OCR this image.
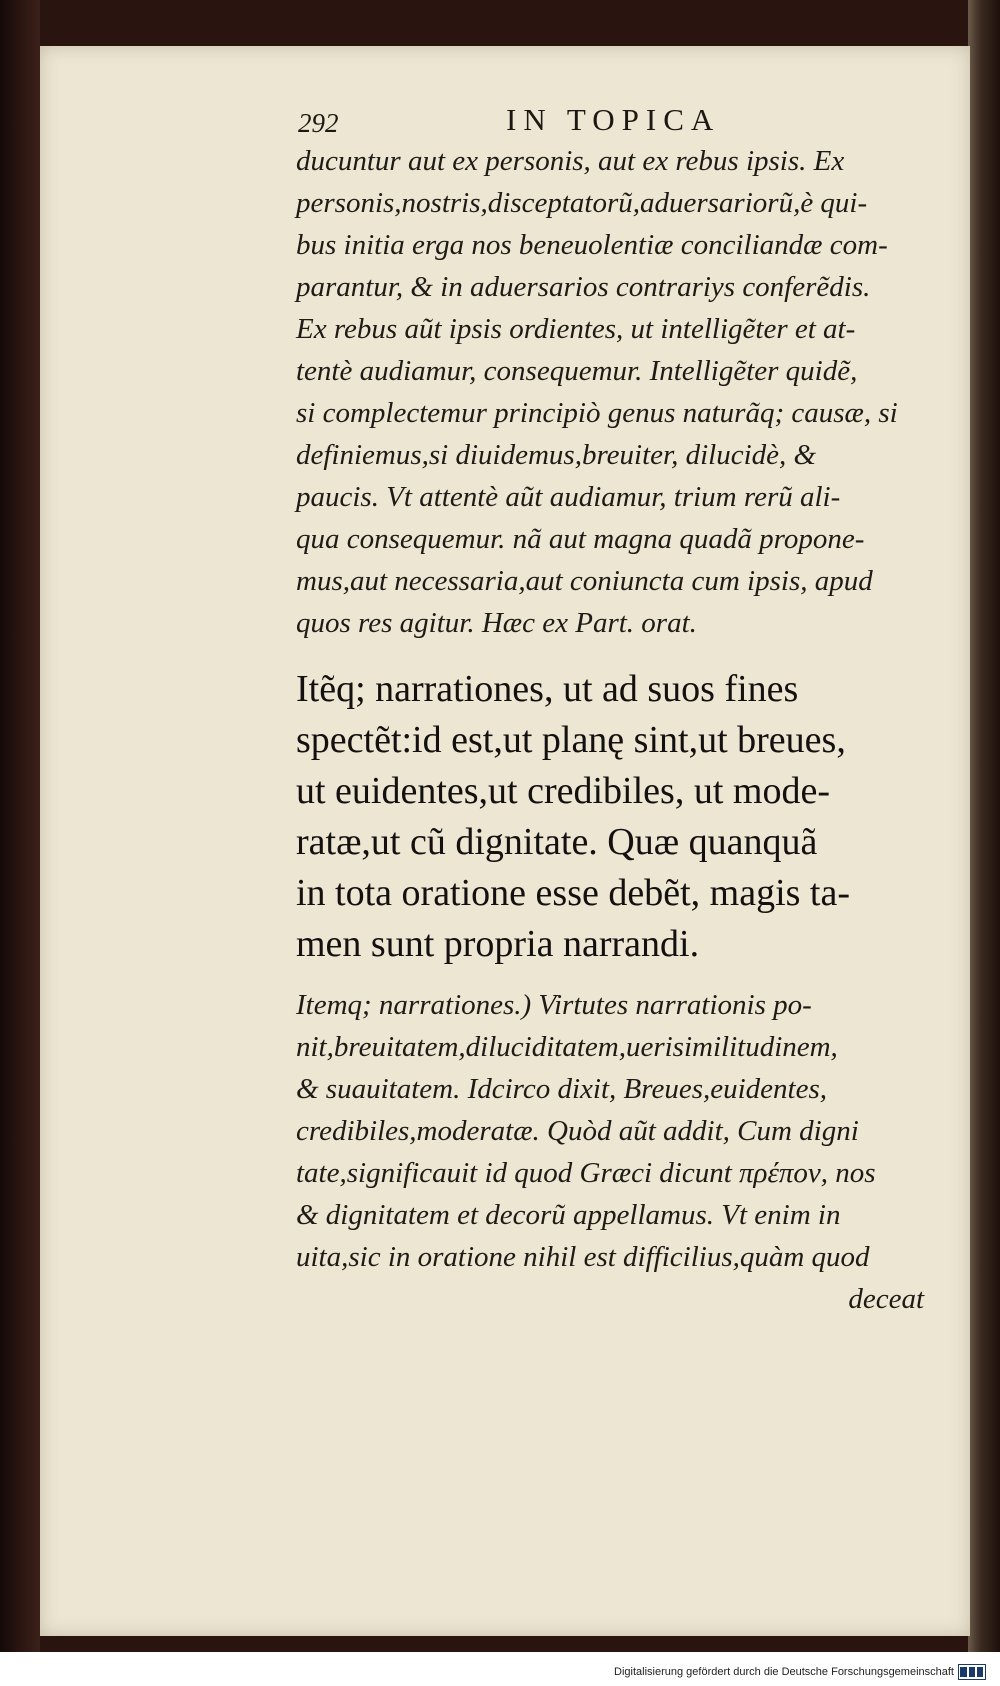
292	IN TOPICA
ducuntur aut ex personis, aut ex rebus ipsis. Ex
personis,nostris,disceptatorũ,aduersariorũ,è qui-
bus initia erga nos beneuolentiæ conciliandæ com-
parantur, & in aduersarios contrariys conferẽdis.
Ex rebus aũt ipsis ordientes, ut intelligẽter et at-
tentè audiamur, consequemur. Intelligẽter quidẽ,
si complectemur principiò genus naturãq; causæ, si
definiemus,si diuidemus,breuiter, dilucidè, &
paucis. Vt attentè aũt audiamur, trium rerũ ali-
qua consequemur. nã aut magna quadã propone-
mus,aut necessaria,aut coniuncta cum ipsis, apud
quos res agitur. Hæc ex Part. orat.
Itẽq; narrationes, ut ad suos fines
spectẽt:id est,ut planę sint,ut breues,
ut euidentes,ut credibiles, ut mode-
ratæ,ut cũ dignitate. Quæ quanquã
in tota oratione esse debẽt, magis ta-
men sunt propria narrandi.
Itemq; narrationes.) Virtutes narrationis po-
nit,breuitatem,diluciditatem,uerisimilitudinem,
& suauitatem. Idcirco dixit, Breues,euidentes,
credibiles,moderatæ. Quòd aũt addit, Cum digni
tate,significauit id quod Græci dicunt πρέπον, nos
& dignitatem et decorũ appellamus. Vt enim in
uita,sic in oratione nihil est difficilius,quàm quod
deceat
Digitalisierung gefördert durch die Deutsche Forschungsgemeinschaft
